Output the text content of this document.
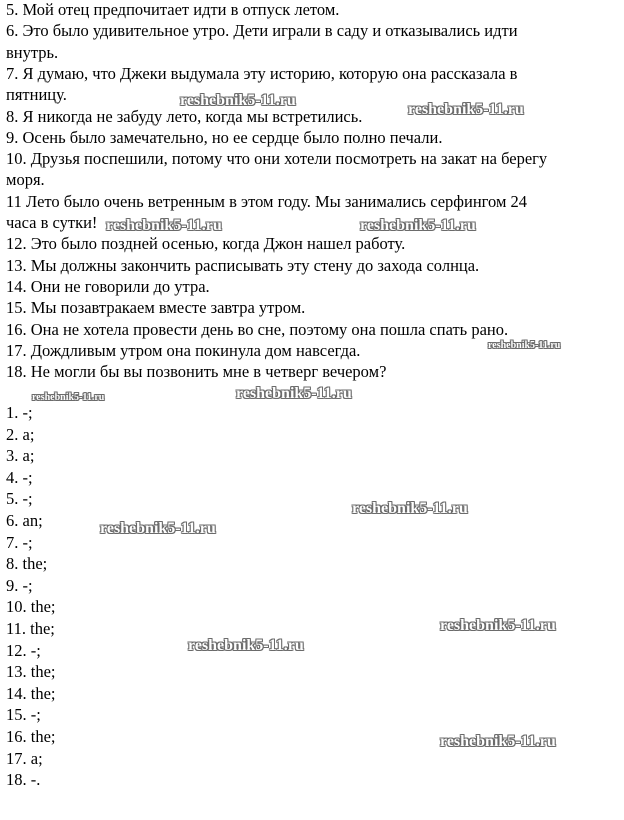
5. Мой отец предпочитает идти в отпуск летом.

6. Это было удивительное утро. Дети играли в саду и отказывались идти

внутрь.

7. Я думаю, что Джеки выдумала эту историю, которую она рассказала в

пятницу.

8. Я никогда не забуду лето, когда мы встретились.

9. Осень было замечательно, но ее сердце было полно печали.

10. Друзья поспешили, потому что они хотели посмотреть на закат на берегу

моря.

11 Лето было очень ветренным в этом году. Мы занимались серфингом 24

часа в сутки!

12. Это было поздней осенью, когда Джон нашел работу.

13. Мы должны закончить расписывать эту стену до захода солнца.

14. Они не говорили до утра.

15. Мы позавтракаем вместе завтра утром.

16. Она не хотела провести день во сне, поэтому она пошла спать рано.

17. Дождливым утром она покинула дом навсегда.

18. Не могли бы вы позвонить мне в четверг вечером?

1. -;

2. a;

3. a;

4. -;

5. -;

6. an;

7. -;

8. the;

9. -;

10. the;

11. the;

12. -;

13. the;

14. the;

15. -;

16. the;

17. a;

18. -.

reshebnik5-11.ru
reshebnik5-11.ru
reshebnik5-11.ru	reshebnik5-11.ru
reshebnik5-11.ru
reshebnik5-11.ru	reshebnik5-11.ru
reshebnik5-11.ru
reshebnik5-11.ru
reshebnik5-11.ru
reshebnik5-11.ru
reshebnik5-11.ru
